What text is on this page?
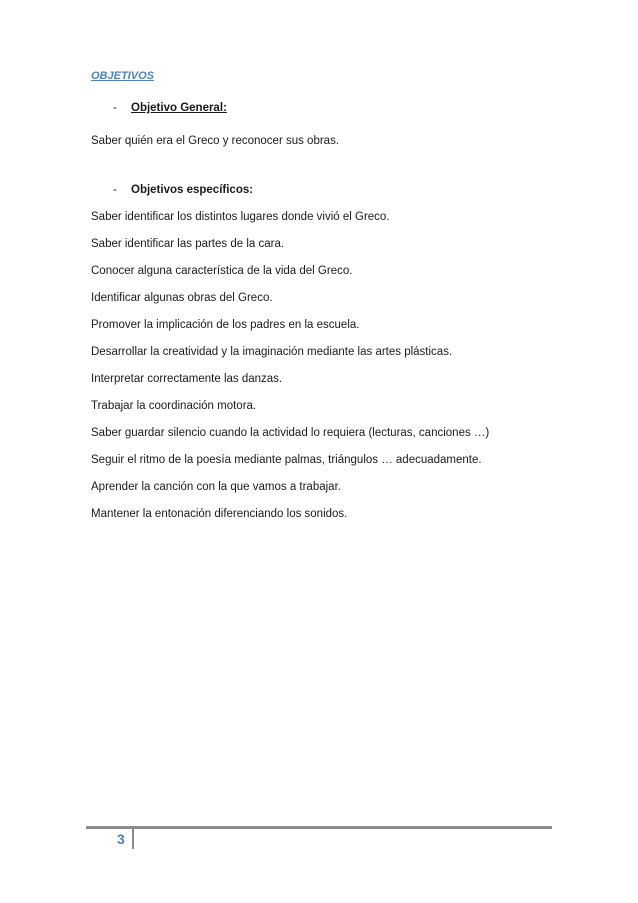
OBJETIVOS
-	Objetivo General:
Saber quién era el Greco y reconocer sus obras.
-	Objetivos específicos:
Saber identificar los distintos lugares donde vivió el Greco.
Saber identificar las partes de la cara.
Conocer alguna característica de la vida del Greco.
Identificar algunas obras del Greco.
Promover la implicación de los padres en la escuela.
Desarrollar la creatividad y la imaginación mediante las artes plásticas.
Interpretar correctamente las danzas.
Trabajar la coordinación motora.
Saber guardar silencio cuando la actividad lo requiera (lecturas, canciones …)
Seguir el ritmo de la poesía mediante palmas, triángulos … adecuadamente.
Aprender la canción con la que vamos a trabajar.
Mantener la entonación diferenciando los sonidos.
3
